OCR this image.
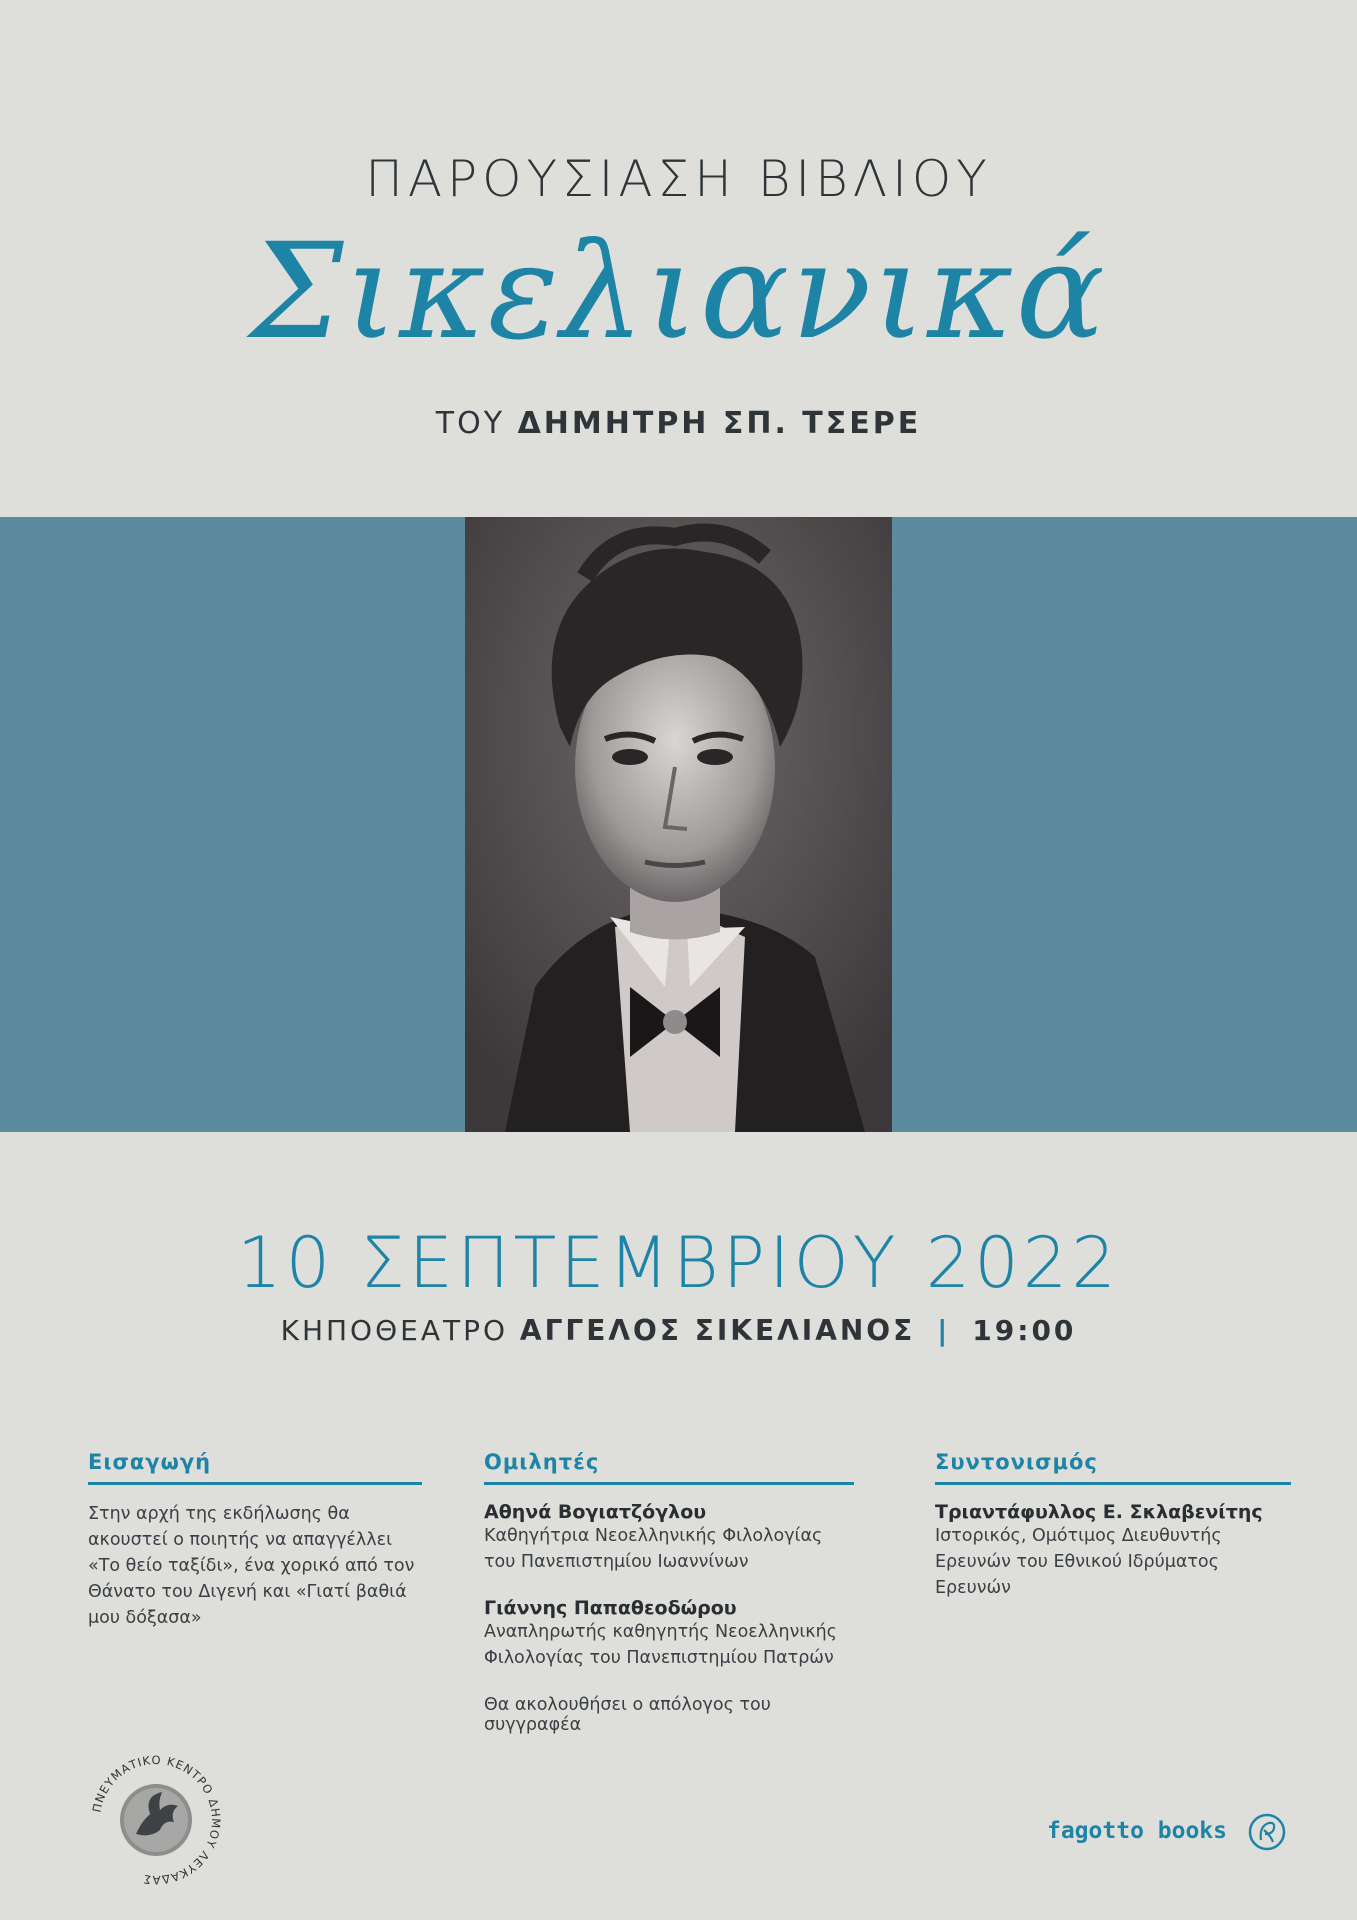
ΠΑΡΟΥΣΙΑΣΗ ΒΙΒΛΙΟΥ
Σικελιανικά
ΤΟΥ ΔΗΜΗΤΡΗ ΣΠ. ΤΣΕΡΕ
10 ΣΕΠΤΕΜΒΡΙΟΥ 2022
ΚΗΠΟΘΕΑΤΡΟ ΑΓΓΕΛΟΣ ΣΙΚΕΛΙΑΝΟΣ | 19:00
Εισαγωγή

Στην αρχή της εκδήλωσης θα ακουστεί ο ποιητής να απαγγέλλει «Το θείο ταξίδι», ένα χορικό από τον Θάνατο του Διγενή και «Γιατί βαθιά μου δόξασα»

Ομιλητές
Αθηνά Βογιατζόγλου
Καθηγήτρια Νεοελληνικής Φιλολογίας του Πανεπιστημίου Ιωαννίνων
Γιάννης Παπαθεοδώρου
Αναπληρωτής καθηγητής Νεοελληνικής Φιλολογίας του Πανεπιστημίου Πατρών
Θα ακολουθήσει ο απόλογος του συγγραφέα
Συντονισμός
Τριαντάφυλλος Ε. Σκλαβενίτης
Ιστορικός, Ομότιμος Διευθυντής Ερευνών του Εθνικού Ιδρύματος Ερευνών
ΠΝΕΥΜΑΤΙΚΟ ΚΕΝΤΡΟ ΔΗΜΟΥ ΛΕΥΚΑΔΑΣ
fagotto books
